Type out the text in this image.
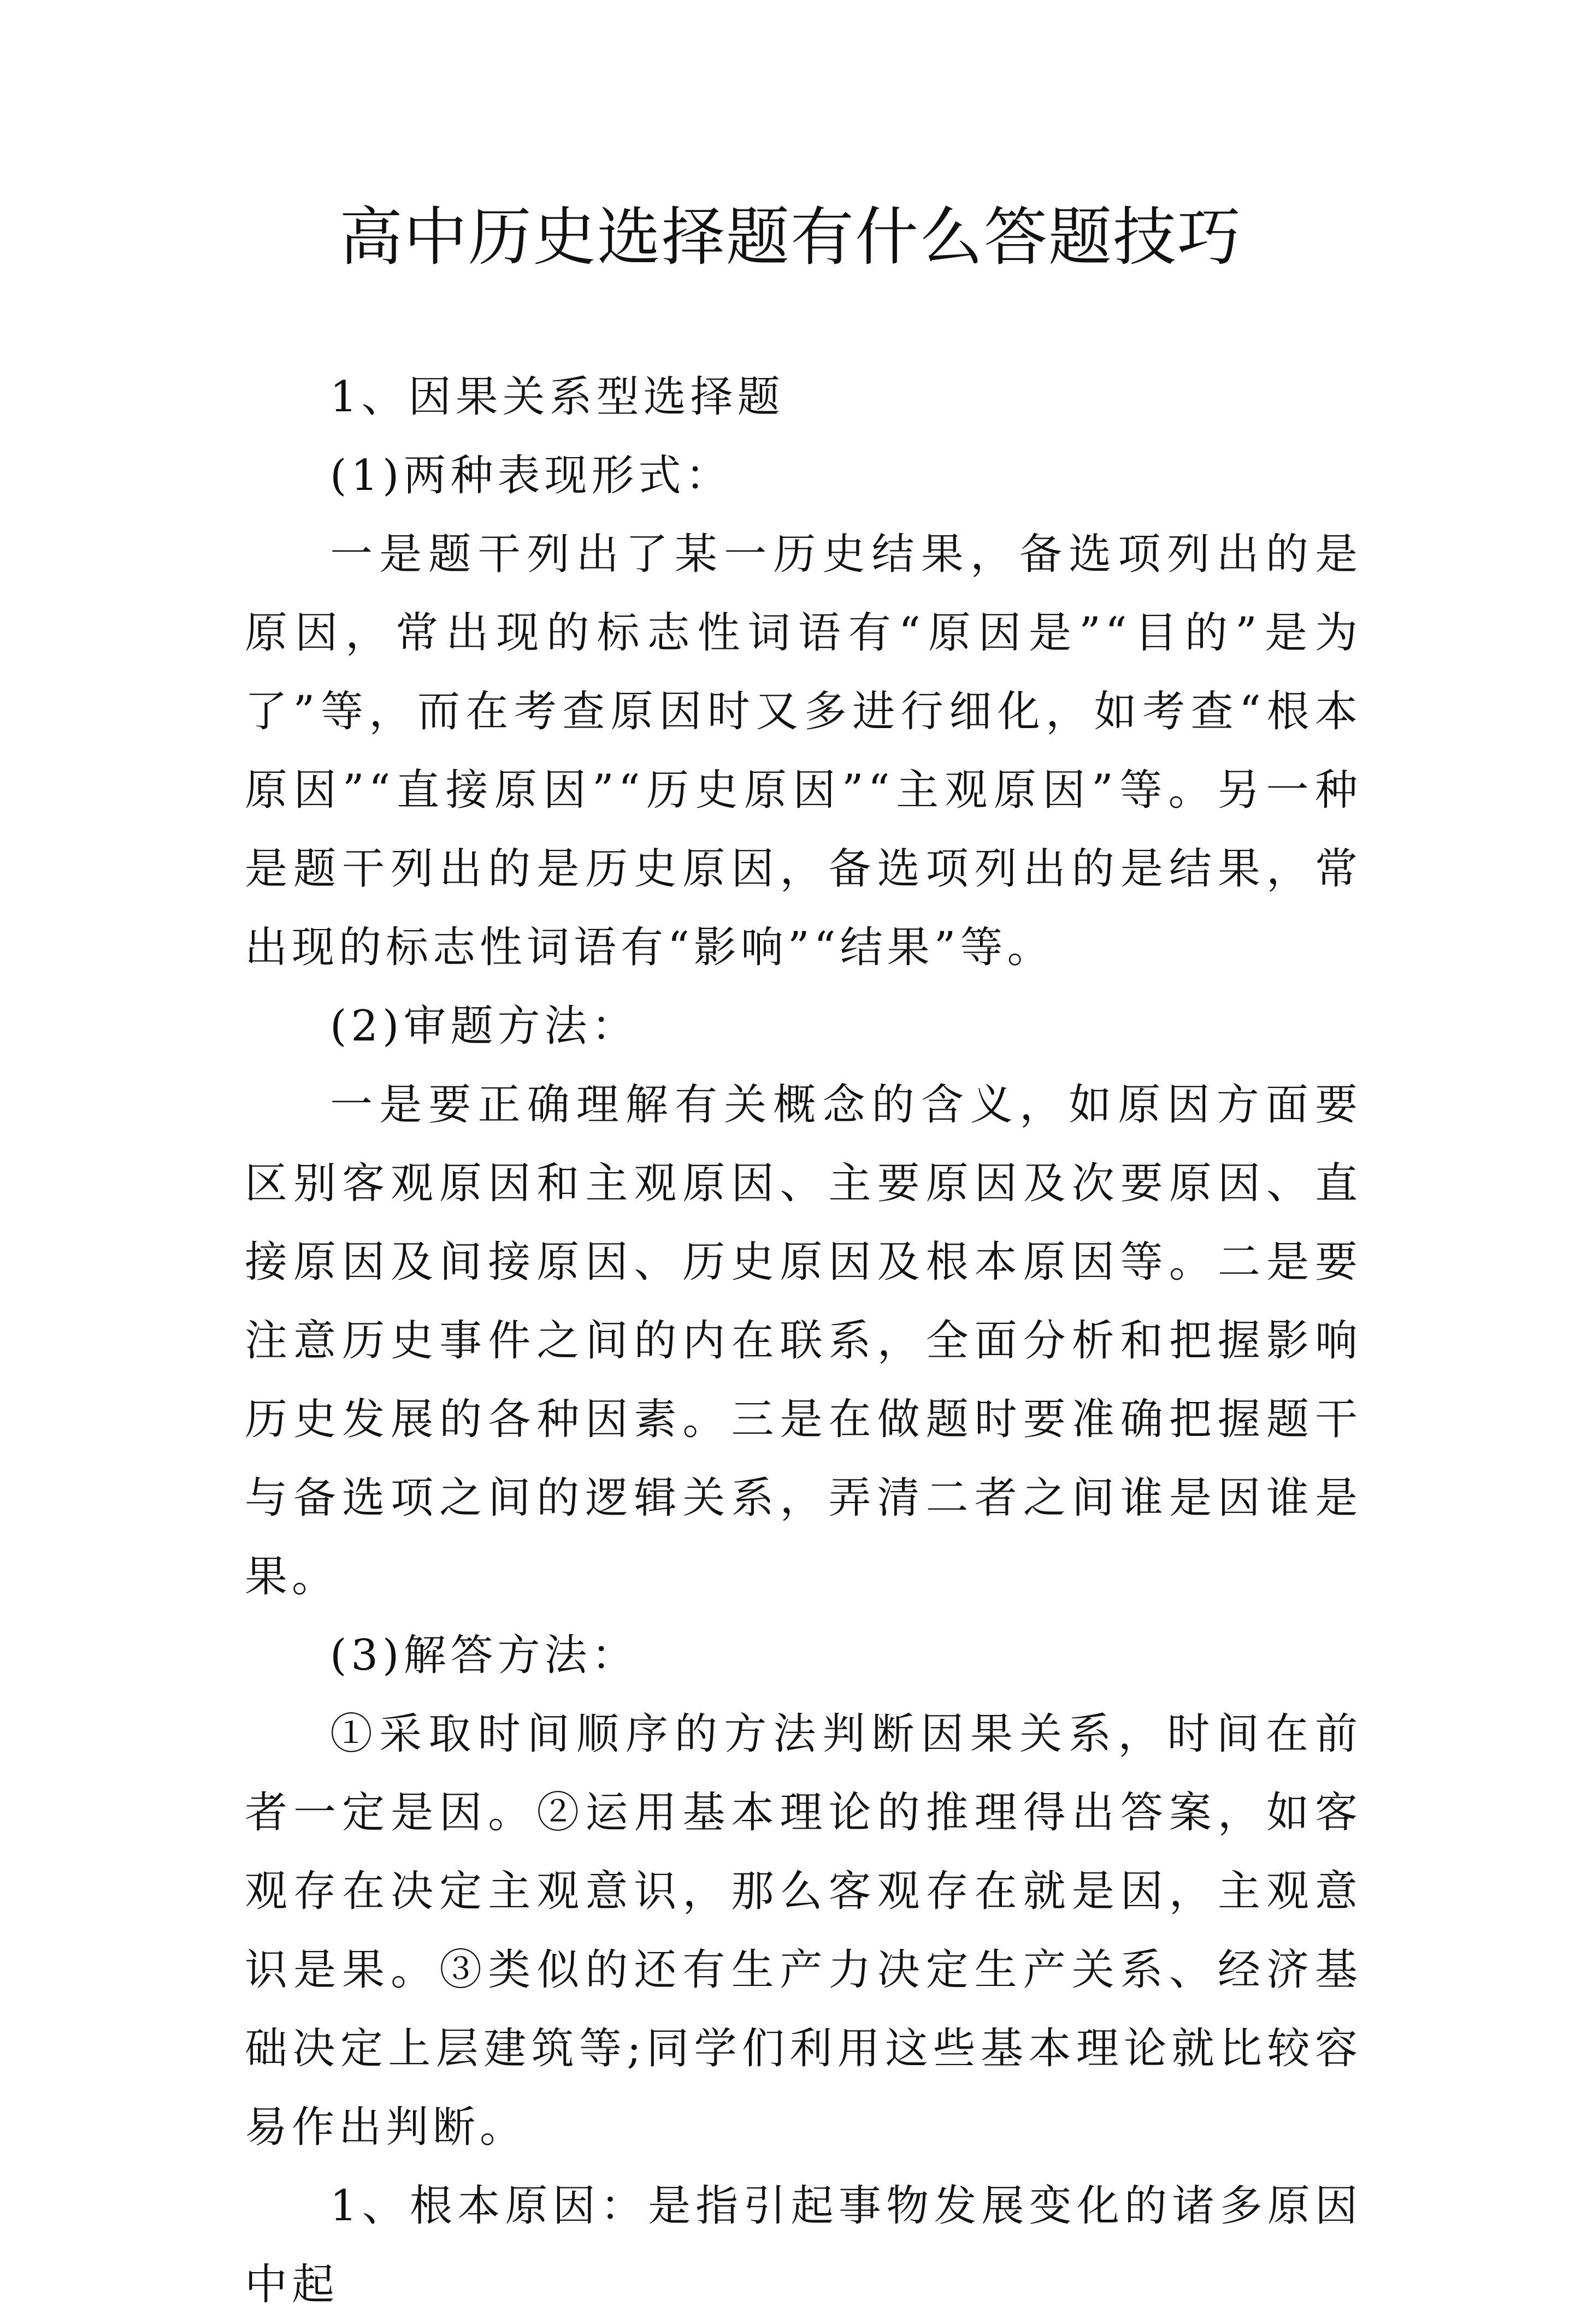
高中历史选择题有什么答题技巧

1、因果关系型选择题

(1)两种表现形式：

一是题干列出了某一历史结果，备选项列出的是原因，常出现的标志性词语有“原因是”“目的”是为了”等，而在考查原因时又多进行细化，如考查“根本原因”“直接原因”“历史原因”“主观原因”等。另一种是题干列出的是历史原因，备选项列出的是结果，常出现的标志性词语有“影响”“结果”等。

(2)审题方法：

一是要正确理解有关概念的含义，如原因方面要区别客观原因和主观原因、主要原因及次要原因、直接原因及间接原因、历史原因及根本原因等。二是要注意历史事件之间的内在联系，全面分析和把握影响历史发展的各种因素。三是在做题时要准确把握题干与备选项之间的逻辑关系，弄清二者之间谁是因谁是果。

(3)解答方法：

①采取时间顺序的方法判断因果关系，时间在前者一定是因。②运用基本理论的推理得出答案，如客观存在决定主观意识，那么客观存在就是因，主观意识是果。③类似的还有生产力决定生产关系、经济基础决定上层建筑等;同学们利用这些基本理论就比较容易作出判断。

1、根本原因：是指引起事物发展变化的诸多原因中起
